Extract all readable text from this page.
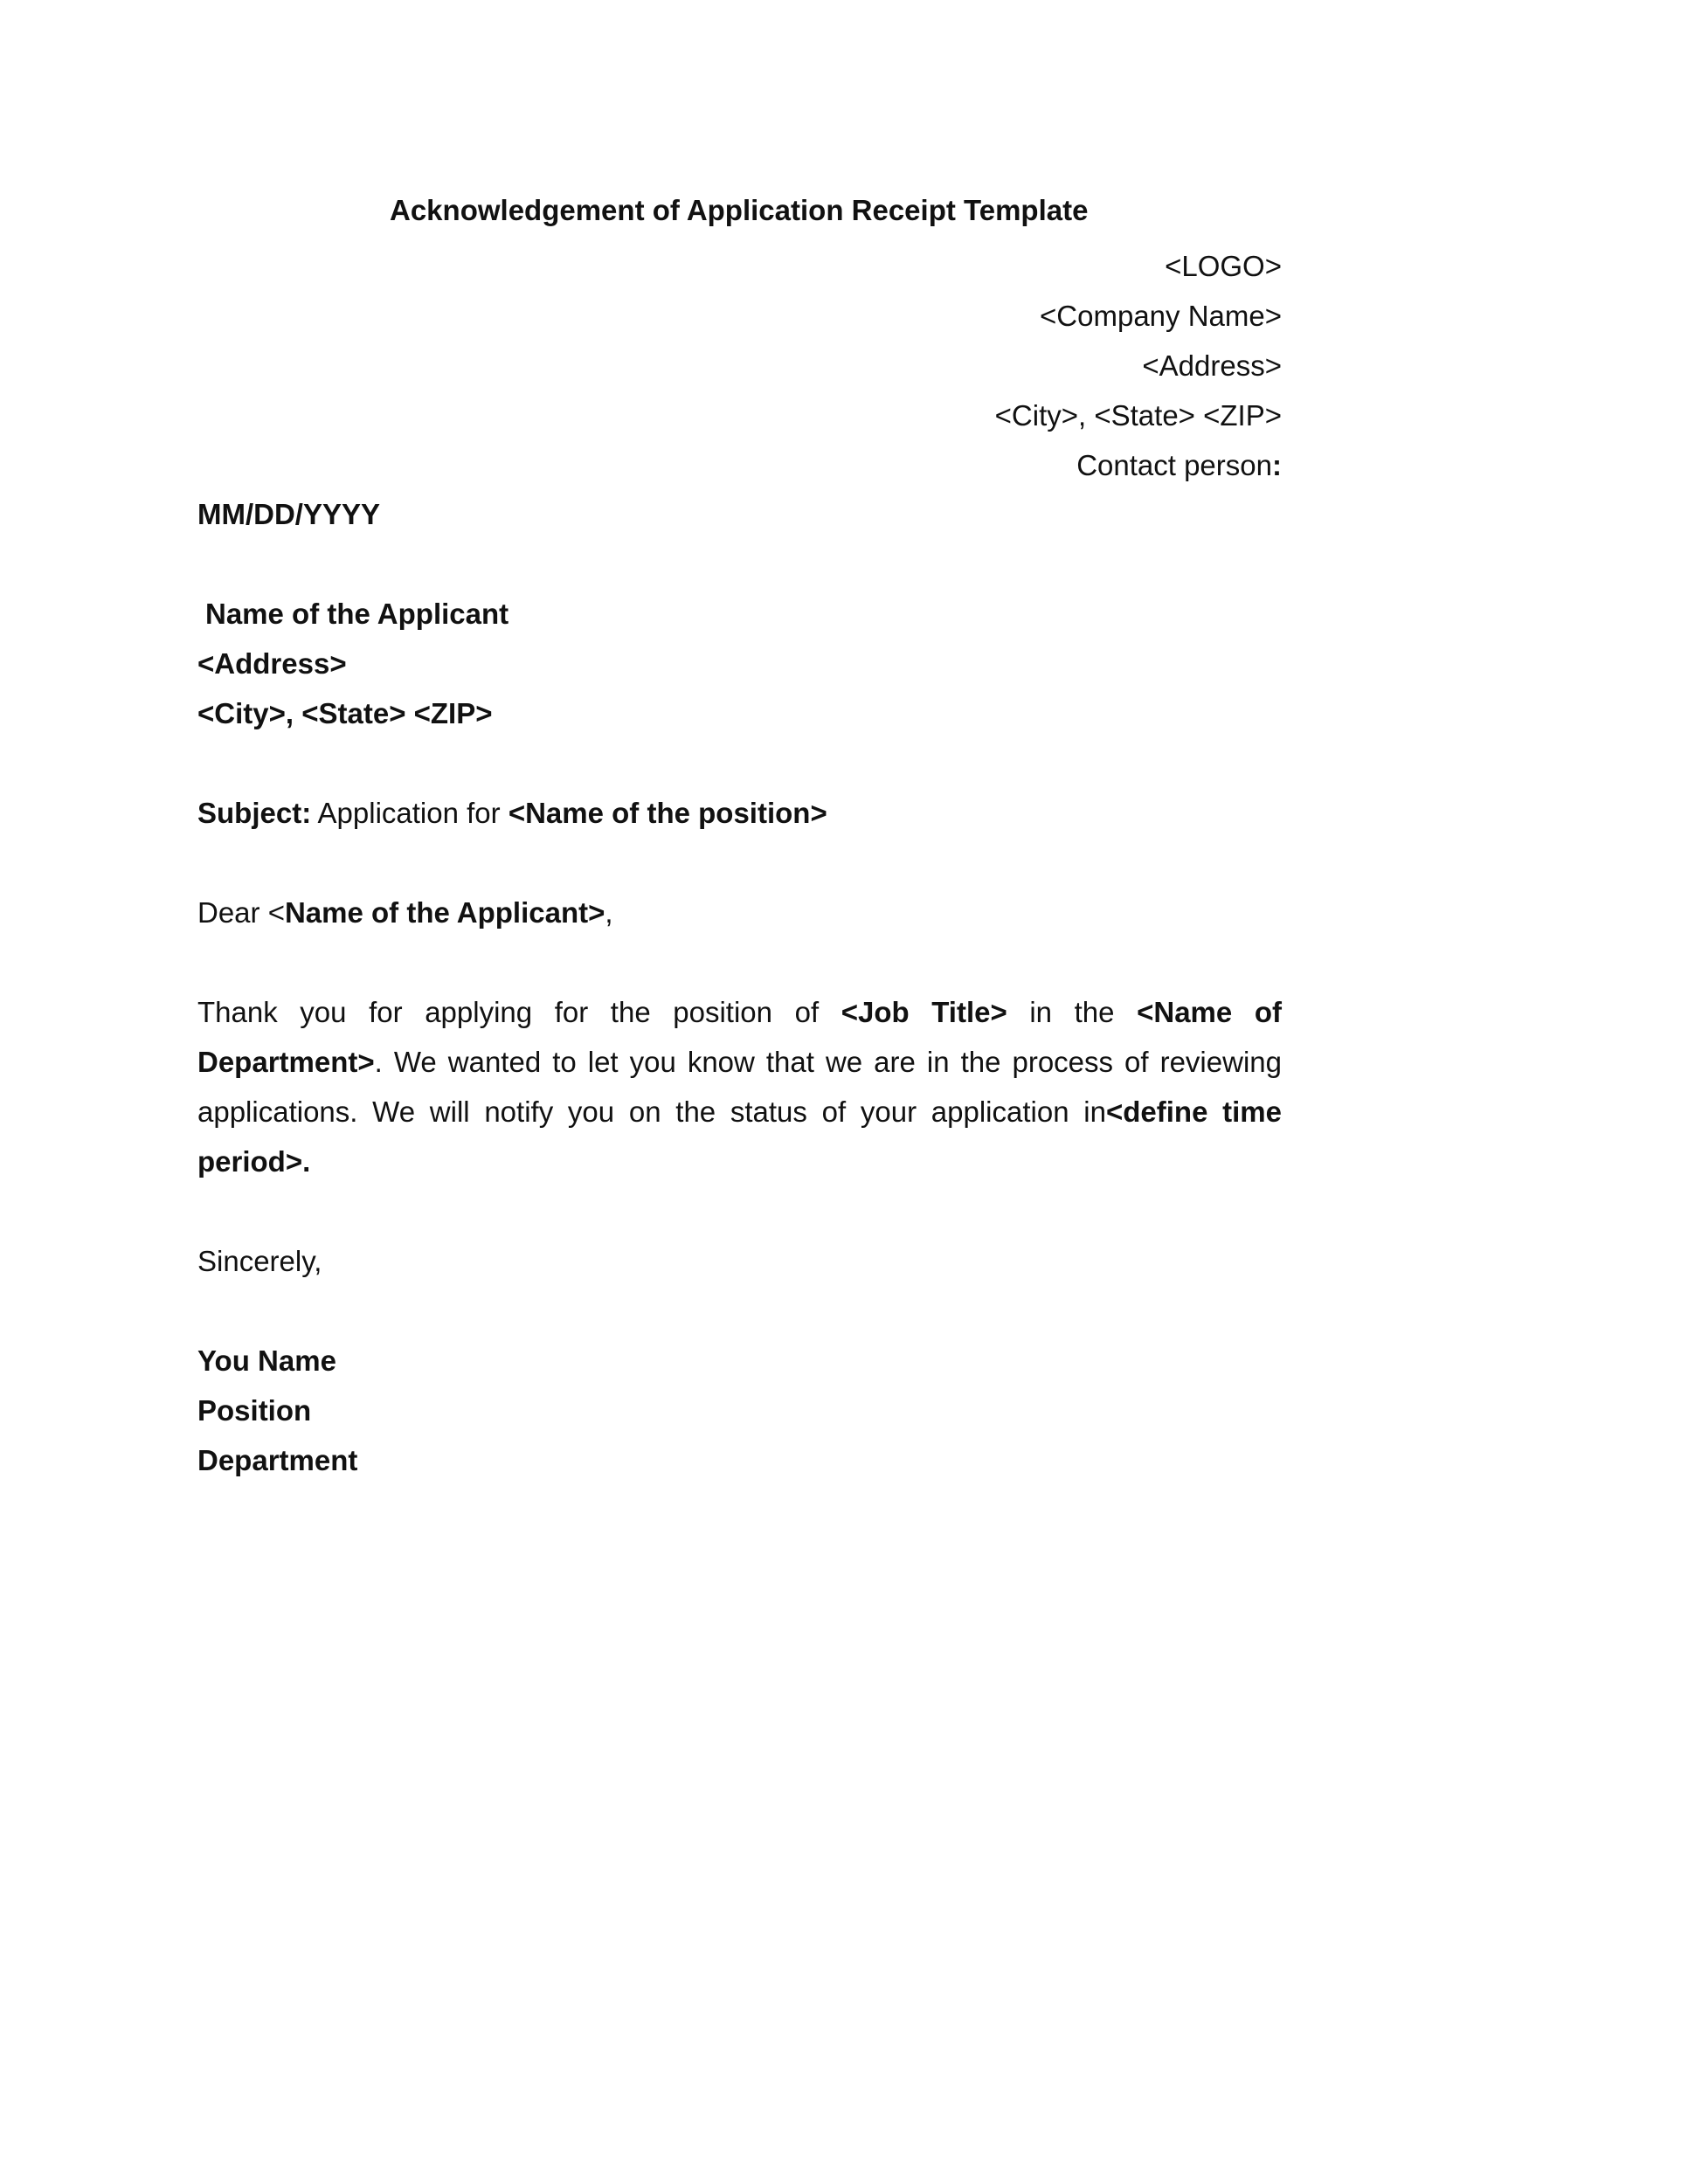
Acknowledgement of Application Receipt Template
<LOGO>
<Company Name>
<Address>
<City>, <State> <ZIP>
Contact person:
MM/DD/YYYY
Name of the Applicant
<Address>
<City>, <State> <ZIP>
Subject: Application for <Name of the position>
Dear <Name of the Applicant>,
Thank you for applying for the position of <Job Title> in the <Name of Department>. We wanted to let you know that we are in the process of reviewing applications. We will notify you on the status of your application in<define time period>.
Sincerely,
You Name
Position
Department
